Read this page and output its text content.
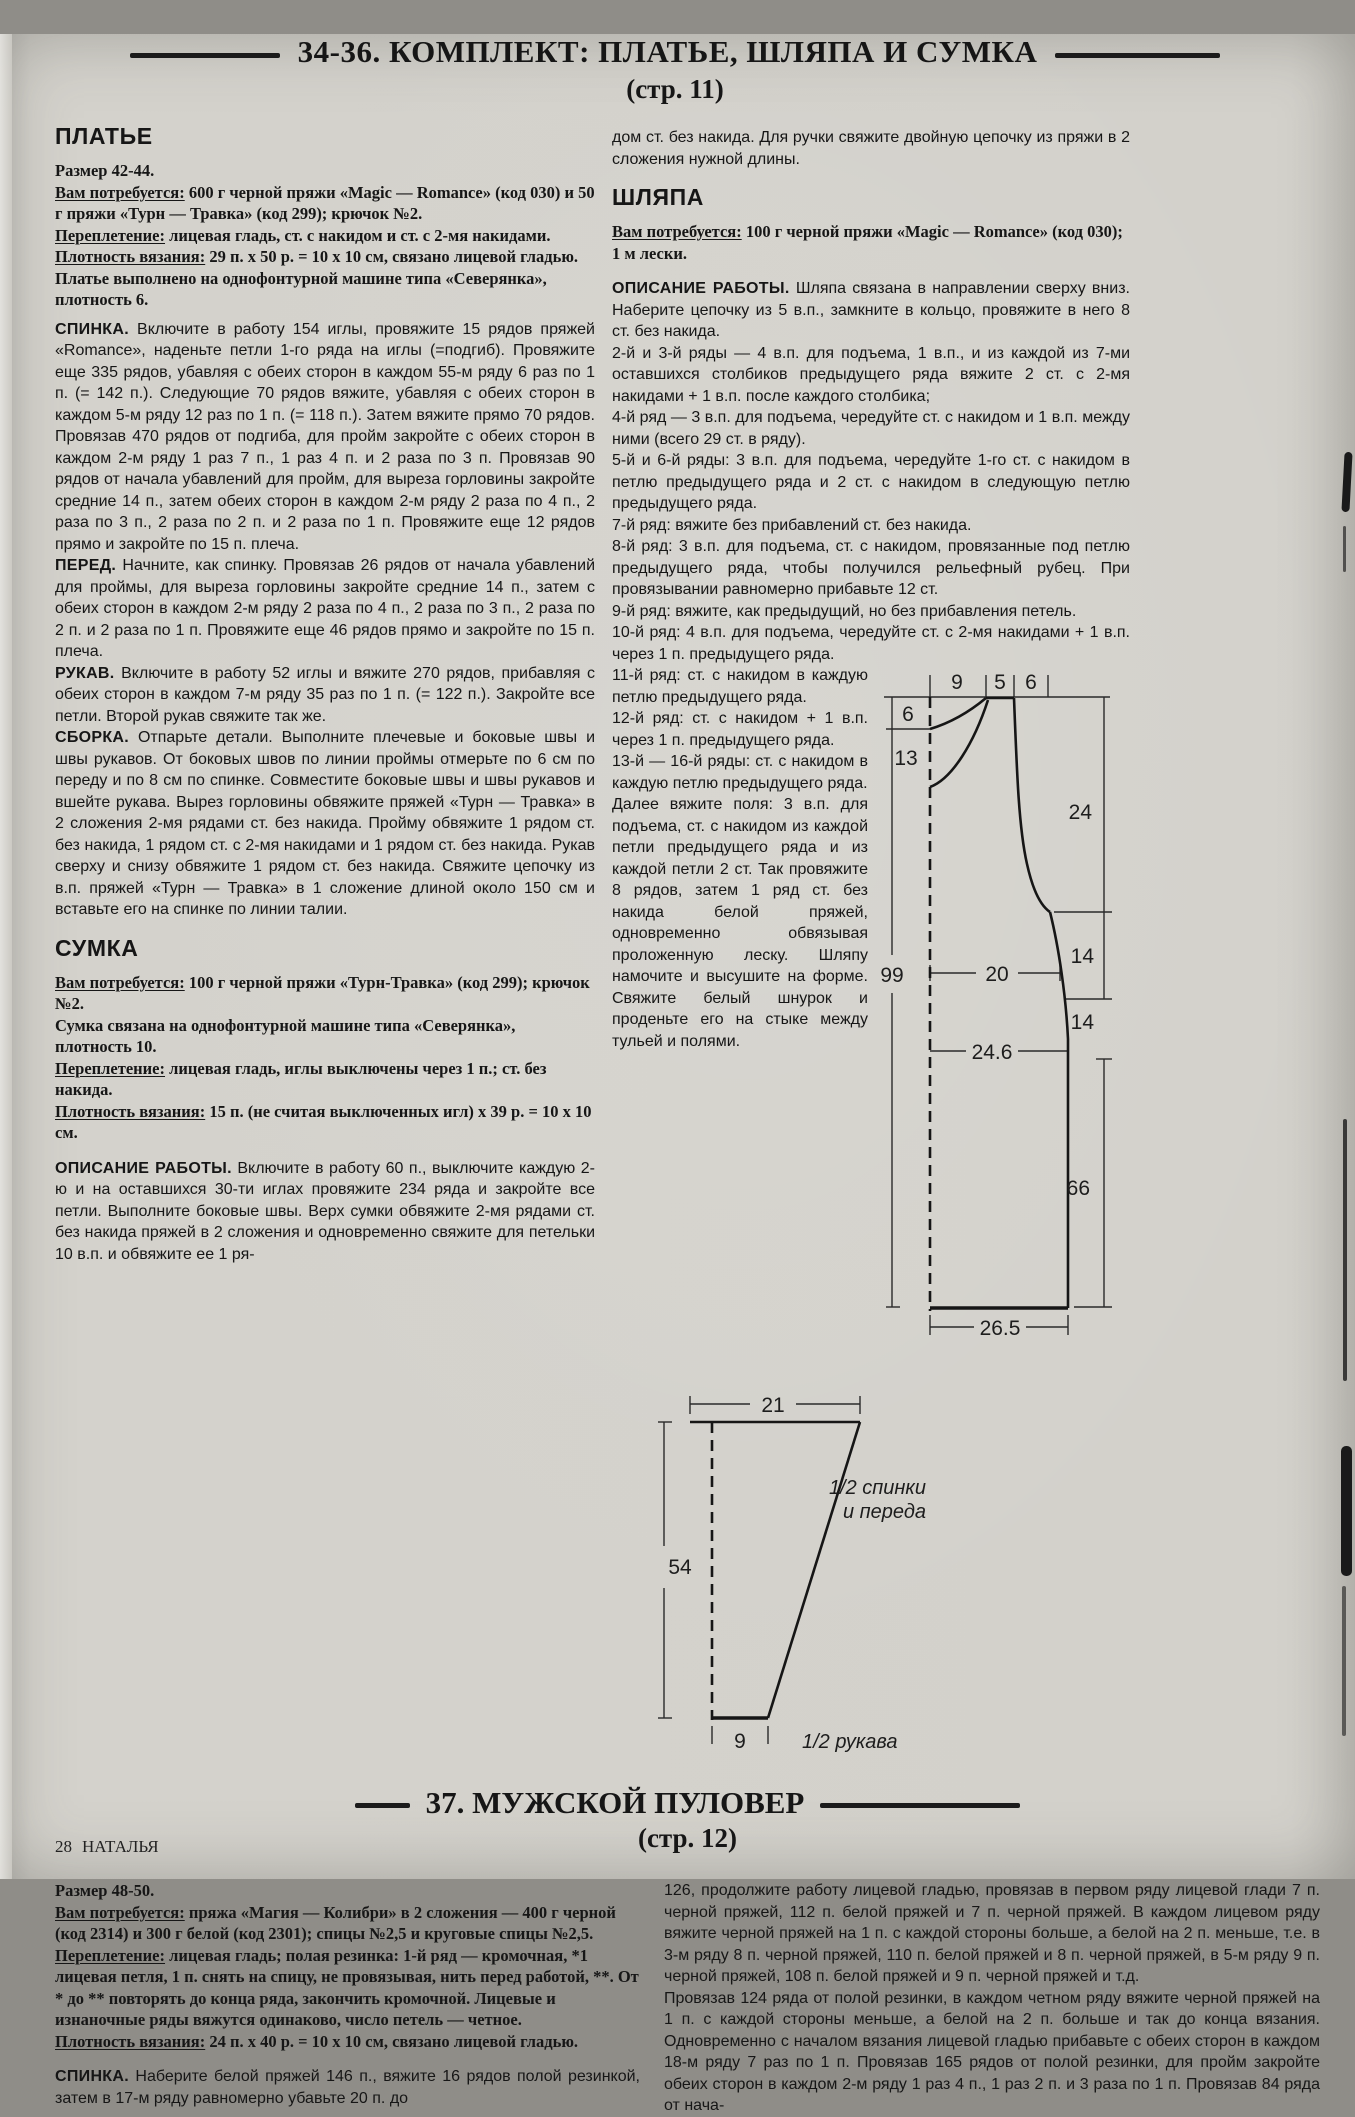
34-36. КОМПЛЕКТ: ПЛАТЬЕ, ШЛЯПА И СУМКА
(стр. 11)
ПЛАТЬЕ

Размер 42-44.

Вам потребуется: 600 г черной пряжи «Magic — Romance» (код 030) и 50 г пряжи «Турн — Травка» (код 299); крючок №2.

Переплетение: лицевая гладь, ст. с накидом и ст. с 2-мя накидами.

Плотность вязания: 29 п. х 50 р. = 10 х 10 см, связано лицевой гладью.

Платье выполнено на однофонтурной машине типа «Северянка», плотность 6.

СПИНКА. Включите в работу 154 иглы, провяжите 15 рядов пряжей «Romance», наденьте петли 1-го ряда на иглы (=подгиб). Провяжите еще 335 рядов, убавляя с обеих сторон в каждом 55-м ряду 6 раз по 1 п. (= 142 п.). Следующие 70 рядов вяжите, убавляя с обеих сторон в каждом 5-м ряду 12 раз по 1 п. (= 118 п.). Затем вяжите прямо 70 рядов. Провязав 470 рядов от подгиба, для пройм закройте с обеих сторон в каждом 2-м ряду 1 раз 7 п., 1 раз 4 п. и 2 раза по 3 п. Провязав 90 рядов от начала убавлений для пройм, для выреза горловины закройте средние 14 п., затем обеих сторон в каждом 2-м ряду 2 раза по 4 п., 2 раза по 3 п., 2 раза по 2 п. и 2 раза по 1 п. Провяжите еще 12 рядов прямо и закройте по 15 п. плеча.

ПЕРЕД. Начните, как спинку. Провязав 26 рядов от начала убавлений для проймы, для выреза горловины закройте средние 14 п., затем с обеих сторон в каждом 2-м ряду 2 раза по 4 п., 2 раза по 3 п., 2 раза по 2 п. и 2 раза по 1 п. Провяжите еще 46 рядов прямо и закройте по 15 п. плеча.

РУКАВ. Включите в работу 52 иглы и вяжите 270 рядов, прибавляя с обеих сторон в каждом 7-м ряду 35 раз по 1 п. (= 122 п.). Закройте все петли. Второй рукав свяжите так же.

СБОРКА. Отпарьте детали. Выполните плечевые и боковые швы и швы рукавов. От боковых швов по линии проймы отмерьте по 6 см по переду и по 8 см по спинке. Совместите боковые швы и швы рукавов и вшейте рукава. Вырез горловины обвяжите пряжей «Турн — Травка» в 2 сложения 2-мя рядами ст. без накида. Пройму обвяжите 1 рядом ст. без накида, 1 рядом ст. с 2-мя накидами и 1 рядом ст. без накида. Рукав сверху и снизу обвяжите 1 рядом ст. без накида. Свяжите цепочку из в.п. пряжей «Турн — Травка» в 1 сложение длиной около 150 см и вставьте его на спинке по линии талии.

СУМКА

Вам потребуется: 100 г черной пряжи «Турн-Травка» (код 299); крючок №2.

Сумка связана на однофонтурной машине типа «Северянка», плотность 10.

Переплетение: лицевая гладь, иглы выключены через 1 п.; ст. без накида.

Плотность вязания: 15 п. (не считая выключенных игл) х 39 р. = 10 х 10 см.

ОПИСАНИЕ РАБОТЫ. Включите в работу 60 п., выключите каждую 2-ю и на оставшихся 30-ти иглах провяжите 234 ряда и закройте все петли. Выполните боковые швы. Верх сумки обвяжите 2-мя рядами ст. без накида пряжей в 2 сложения и одновременно свяжите для петельки 10 в.п. и обвяжите ее 1 ря-

дом ст. без накида. Для ручки свяжите двойную цепочку из пряжи в 2 сложения нужной длины.

ШЛЯПА

Вам потребуется: 100 г черной пряжи «Magic — Romance» (код 030); 1 м лески.

ОПИСАНИЕ РАБОТЫ. Шляпа связана в направлении сверху вниз. Наберите цепочку из 5 в.п., замкните в кольцо, провяжите в него 8 ст. без накида.

2-й и 3-й ряды — 4 в.п. для подъема, 1 в.п., и из каждой из 7-ми оставшихся столбиков предыдущего ряда вяжите 2 ст. с 2-мя накидами + 1 в.п. после каждого столбика;

4-й ряд — 3 в.п. для подъема, чередуйте ст. с накидом и 1 в.п. между ними (всего 29 ст. в ряду).

5-й и 6-й ряды: 3 в.п. для подъема, чередуйте 1-го ст. с накидом в петлю предыдущего ряда и 2 ст. с накидом в следующую петлю предыдущего ряда.

7-й ряд: вяжите без прибавлений ст. без накида.

8-й ряд: 3 в.п. для подъема, ст. с накидом, провязанные под петлю предыдущего ряда, чтобы получился рельефный рубец. При провязывании равномерно прибавьте 12 ст.

9-й ряд: вяжите, как предыдущий, но без прибавления петель.

10-й ряд: 4 в.п. для подъема, чередуйте ст. с 2-мя накидами + 1 в.п. через 1 п. предыдущего ряда.

9 5 6
6
13
99
24
14
20
14
24.6
66
26.5

11-й ряд: ст. с накидом в каждую петлю предыдущего ряда.

12-й ряд: ст. с накидом + 1 в.п. через 1 п. предыдущего ряда.

13-й — 16-й ряды: ст. с накидом в каждую петлю предыдущего ряда.

Далее вяжите поля: 3 в.п. для подъема, ст. с накидом из каждой петли предыдущего ряда и из каждой петли 2 ст. Так провяжите 8 рядов, затем 1 ряд ст. без накида белой пряжей, одновременно обвязывая проложенную леску. Шляпу намочите и высушите на форме. Свяжите белый шнурок и проденьте его на стыке между тульей и полями.

21
54
9
1/2 спинки
и переда
1/2 рукава
37. МУЖСКОЙ ПУЛОВЕР
(стр. 12)

Размер 48-50.

Вам потребуется: пряжа «Магия — Колибри» в 2 сложения — 400 г черной (код 2314) и 300 г белой (код 2301); спицы №2,5 и круговые спицы №2,5.

Переплетение: лицевая гладь; полая резинка: 1-й ряд — кромочная, *1 лицевая петля, 1 п. снять на спицу, не провязывая, нить перед работой, **. От * до ** повторять до конца ряда, закончить кромочной. Лицевые и изнаночные ряды вяжутся одинаково, число петель — четное.

Плотность вязания: 24 п. х 40 р. = 10 х 10 см, связано лицевой гладью.

СПИНКА. Наберите белой пряжей 146 п., вяжите 16 рядов полой резинкой, затем в 17-м ряду равномерно убавьте 20 п. до

126, продолжите работу лицевой гладью, провязав в первом ряду лицевой глади 7 п. черной пряжей, 112 п. белой пряжей и 7 п. черной пряжей. В каждом лицевом ряду вяжите черной пряжей на 1 п. с каждой стороны больше, а белой на 2 п. меньше, т.е. в 3-м ряду 8 п. черной пряжей, 110 п. белой пряжей и 8 п. черной пряжей, в 5-м ряду 9 п. черной пряжей, 108 п. белой пряжей и 9 п. черной пряжей и т.д.

Провязав 124 ряда от полой резинки, в каждом четном ряду вяжите черной пряжей на 1 п. с каждой стороны меньше, а белой на 2 п. больше и так до конца вязания. Одновременно с началом вязания лицевой гладью прибавьте с обеих сторон в каждом 18-м ряду 7 раз по 1 п. Провязав 165 рядов от полой резинки, для пройм закройте обеих сторон в каждом 2-м ряду 1 раз 4 п., 1 раз 2 п. и 3 раза по 1 п. Провязав 84 ряда от нача-

28 НАТАЛЬЯ
